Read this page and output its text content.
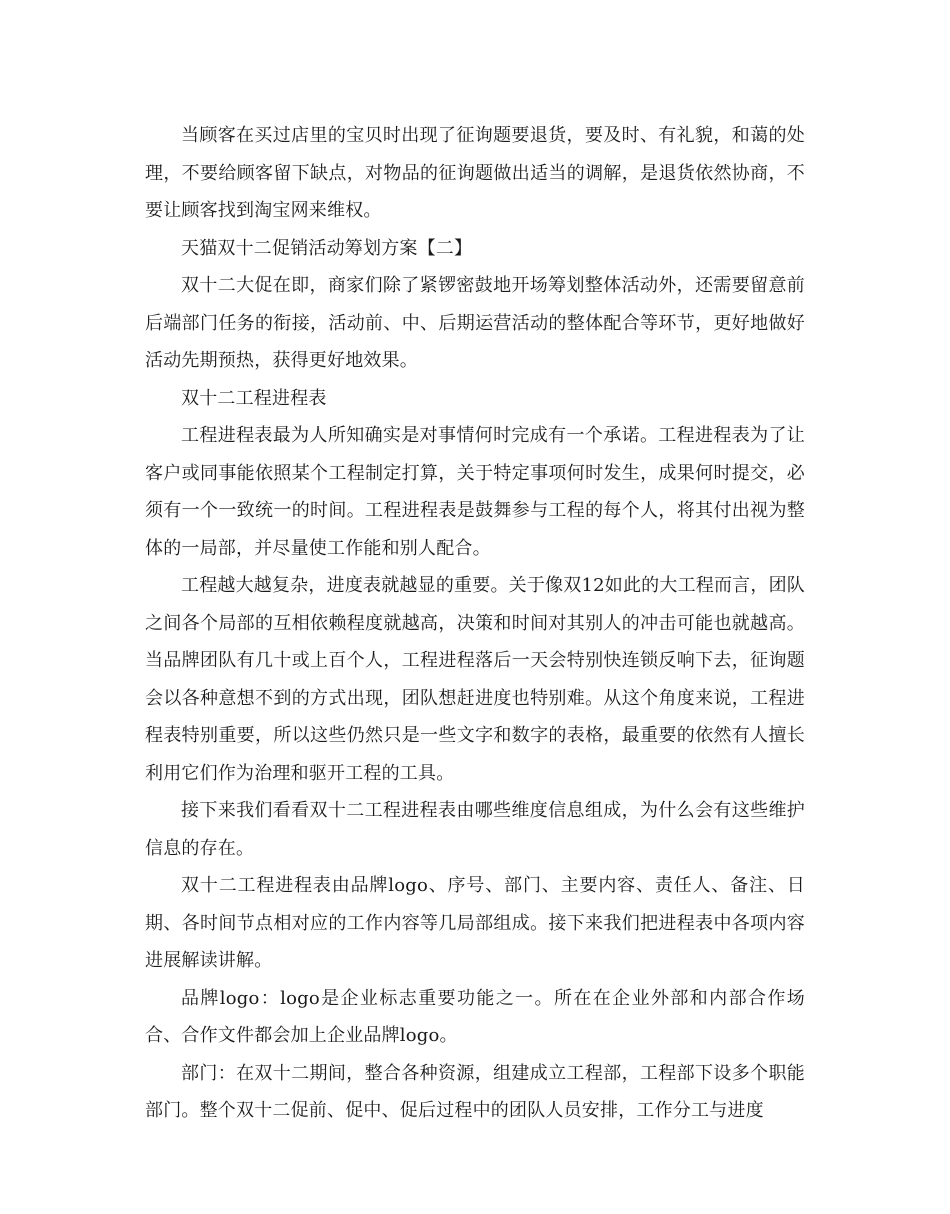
当顾客在买过店里的宝贝时出现了征询题要退货，要及时、有礼貌，和蔼的处理，不要给顾客留下缺点，对物品的征询题做出适当的调解，是退货依然协商，不要让顾客找到淘宝网来维权。

天猫双十二促销活动筹划方案【二】

双十二大促在即，商家们除了紧锣密鼓地开场筹划整体活动外，还需要留意前后端部门任务的衔接，活动前、中、后期运营活动的整体配合等环节，更好地做好活动先期预热，获得更好地效果。

双十二工程进程表

工程进程表最为人所知确实是对事情何时完成有一个承诺。工程进程表为了让客户或同事能依照某个工程制定打算，关于特定事项何时发生，成果何时提交，必须有一个一致统一的时间。工程进程表是鼓舞参与工程的每个人，将其付出视为整体的一局部，并尽量使工作能和别人配合。

工程越大越复杂，进度表就越显的重要。关于像双12如此的大工程而言，团队之间各个局部的互相依赖程度就越高，决策和时间对其别人的冲击可能也就越高。当品牌团队有几十或上百个人，工程进程落后一天会特别快连锁反响下去，征询题会以各种意想不到的方式出现，团队想赶进度也特别难。从这个角度来说，工程进程表特别重要，所以这些仍然只是一些文字和数字的表格，最重要的依然有人擅长利用它们作为治理和驱开工程的工具。

接下来我们看看双十二工程进程表由哪些维度信息组成，为什么会有这些维护信息的存在。

双十二工程进程表由品牌logo、序号、部门、主要内容、责任人、备注、日期、各时间节点相对应的工作内容等几局部组成。接下来我们把进程表中各项内容进展解读讲解。

品牌logo：logo是企业标志重要功能之一。所在在企业外部和内部合作场合、合作文件都会加上企业品牌logo。

部门：在双十二期间，整合各种资源，组建成立工程部，工程部下设多个职能部门。整个双十二促前、促中、促后过程中的团队人员安排，工作分工与进度
